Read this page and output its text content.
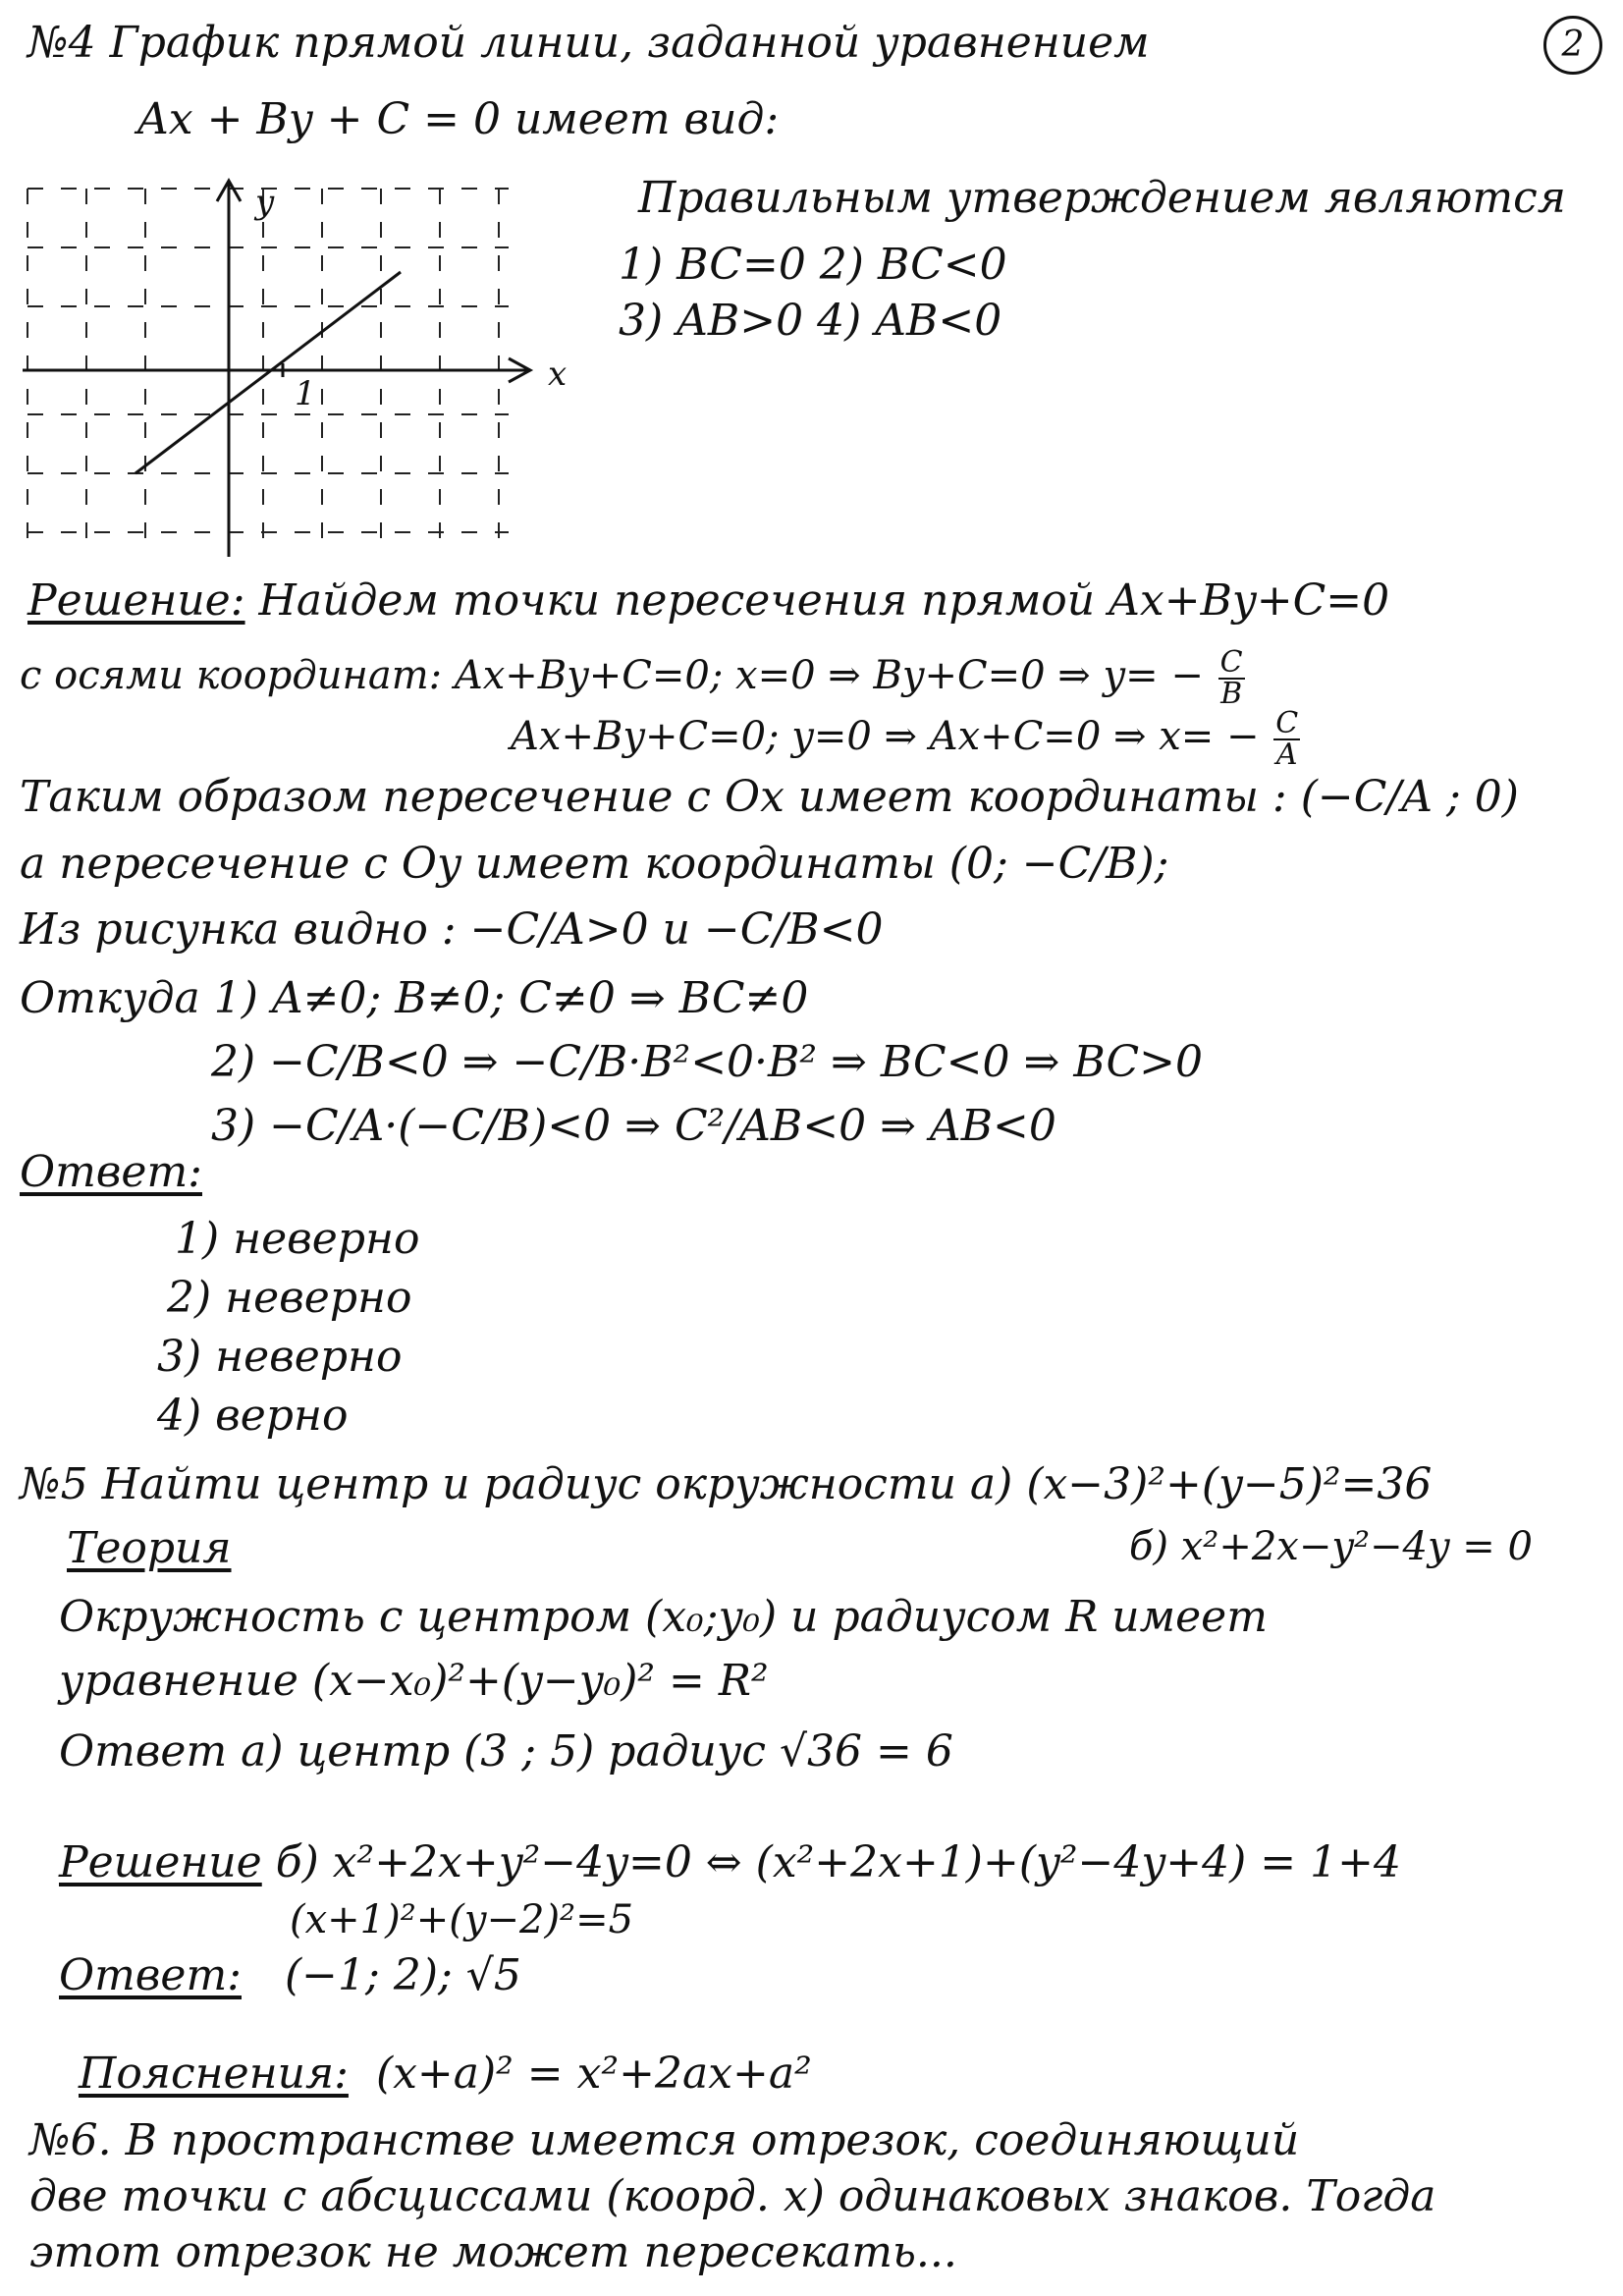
2
№4 График прямой линии, заданной уравнением
Ax + By + C = 0 имеет вид:
y
x
1
Правильным утверждением являются
1) BC=0 2) BC<0
3) AB>0 4) AB<0
Решение: Найдем точки пересечения прямой Ax+By+C=0
с осями координат: Ax+By+C=0; x=0 ⇒ By+C=0 ⇒ $y= - \frac{C}{B}$
Ax+By+C=0; y=0 ⇒ Ax+C=0 ⇒ $x= - \frac{C}{A}$
Таким образом пересечение с Ox имеет координаты : (−C/A ; 0)
а пересечение с Oy имеет координаты (0; −C/B);
Из рисунка видно : −C/A>0 и −C/B<0
Откуда 1) A≠0; B≠0; C≠0 ⇒ BC≠0
2) −C/B<0 ⇒ −C/B·B²<0·B² ⇒ BC<0 ⇒ BC>0
3) −C/A·(−C/B)<0 ⇒ C²/AB<0 ⇒ AB<0
Ответ:
1) неверно
2) неверно
3) неверно
4) верно
№5 Найти центр и радиус окружности а) (x−3)²+(y−5)²=36
Теория	б) x²+2x−y²−4y = 0
Окружность с центром (x₀;y₀) и радиусом R имеет
уравнение (x−x₀)²+(y−y₀)² = R²
Ответ а) центр (3 ; 5) радиус √36 = 6
Решение б) x²+2x+y²−4y=0 ⇔ (x²+2x+1)+(y²−4y+4) = 1+4
(x+1)²+(y−2)²=5
Ответ: (−1; 2); √5
Пояснения: (x+a)² = x²+2ax+a²
№6. В пространстве имеется отрезок, соединяющий
две точки с абсциссами (коорд. x) одинаковых знаков. Тогда
этот отрезок не может пересекать...
